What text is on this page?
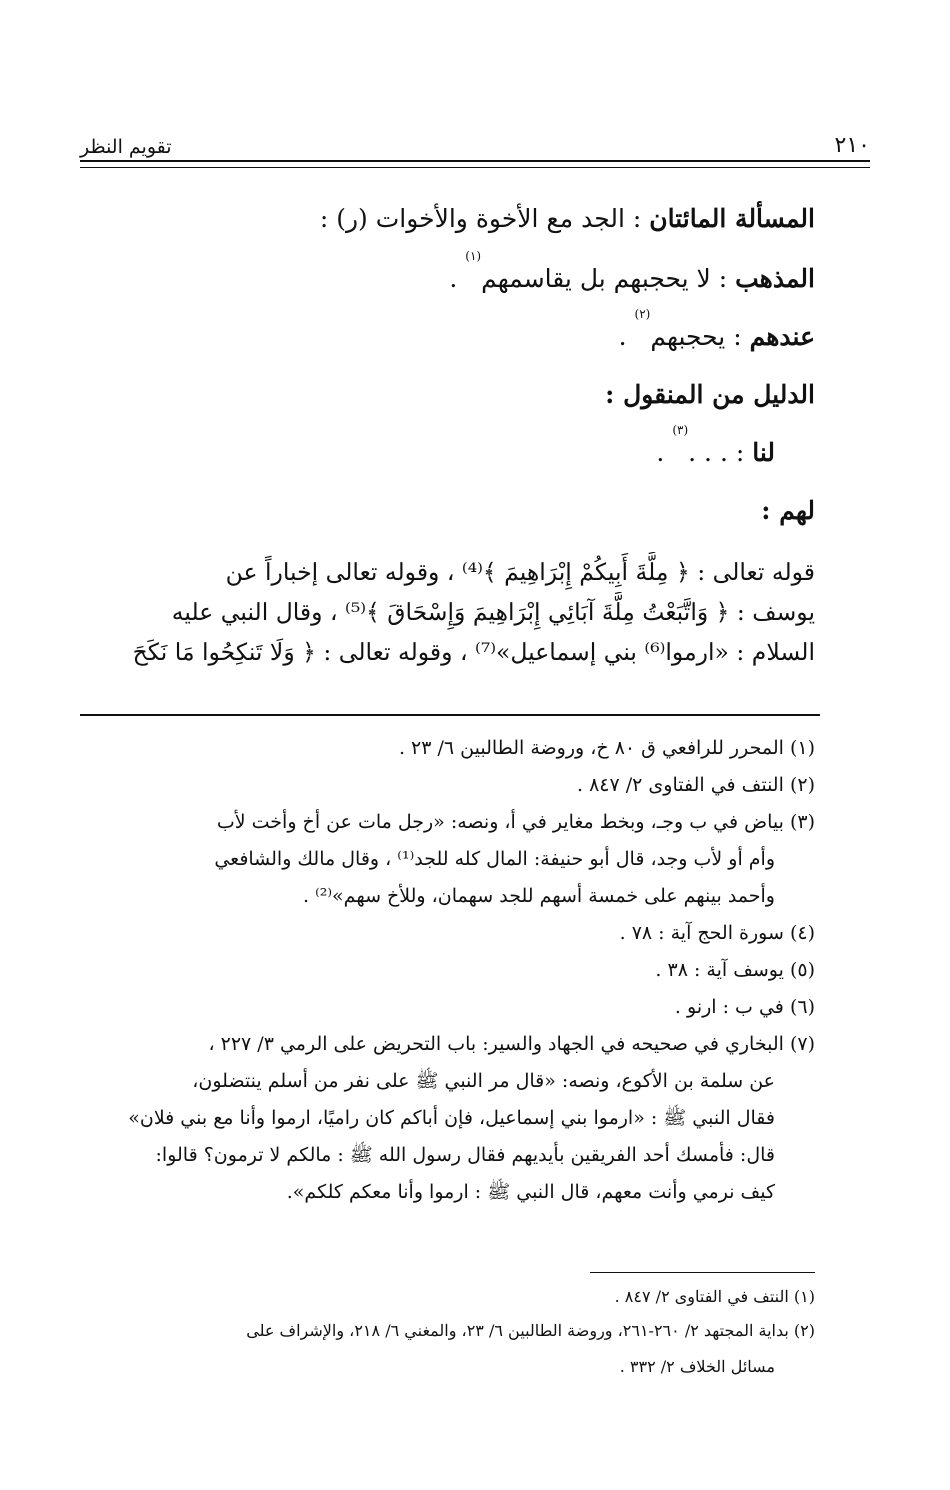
٢١٠
تقويم النظر
المسألة المائتان : الجد مع الأخوة والأخوات (ر) :
المذهب : لا يحجبهم بل يقاسمهم$^{(١)}$ .
عندهم : يحجبهم$^{(٢)}$ .
الدليل من المنقول :
لنا : . . .$^{(٣)}$ .
لهم :
قوله تعالى : ﴿ مِلَّةَ أَبِيكُمْ إِبْرَاهِيمَ ﴾⁽⁴⁾ ، وقوله تعالى إخباراً عن
يوسف : ﴿ وَاتَّبَعْتُ مِلَّةَ آبَائِي إِبْرَاهِيمَ وَإِسْحَاقَ ﴾⁽⁵⁾ ، وقال النبي عليه
السلام : «ارموا⁽⁶⁾ بني إسماعيل»⁽⁷⁾ ، وقوله تعالى : ﴿ وَلَا تَنكِحُوا مَا نَكَحَ
(١) المحرر للرافعي ق ٨٠ خ، وروضة الطالبين ٦/ ٢٣ .
(٢) النتف في الفتاوى ٢/ ٨٤٧ .
(٣) بياض في ب وجـ، وبخط مغاير في أ، ونصه: «رجل مات عن أخ وأخت لأب
وأم أو لأب وجد، قال أبو حنيفة: المال كله للجد⁽¹⁾ ، وقال مالك والشافعي
وأحمد بينهم على خمسة أسهم للجد سهمان، وللأخ سهم»⁽²⁾ .
(٤) سورة الحج آية : ٧٨ .
(٥) يوسف آية : ٣٨ .
(٦) في ب : ارنو .
(٧) البخاري في صحيحه في الجهاد والسير: باب التحريض على الرمي ٣/ ٢٢٧ ،
عن سلمة بن الأكوع، ونصه: «قال مر النبي ﷺ على نفر من أسلم ينتضلون،
فقال النبي ﷺ : «ارموا بني إسماعيل، فإن أباكم كان راميًا، ارموا وأنا مع بني فلان»
قال: فأمسك أحد الفريقين بأيديهم فقال رسول الله ﷺ : مالكم لا ترمون؟ قالوا:
كيف نرمي وأنت معهم، قال النبي ﷺ : ارموا وأنا معكم كلكم».
(١) النتف في الفتاوى ٢/ ٨٤٧ .
(٢) بداية المجتهد ٢/ ٢٦٠-٢٦١، وروضة الطالبين ٦/ ٢٣، والمغني ٦/ ٢١٨، والإشراف على
مسائل الخلاف ٢/ ٣٣٢ .
